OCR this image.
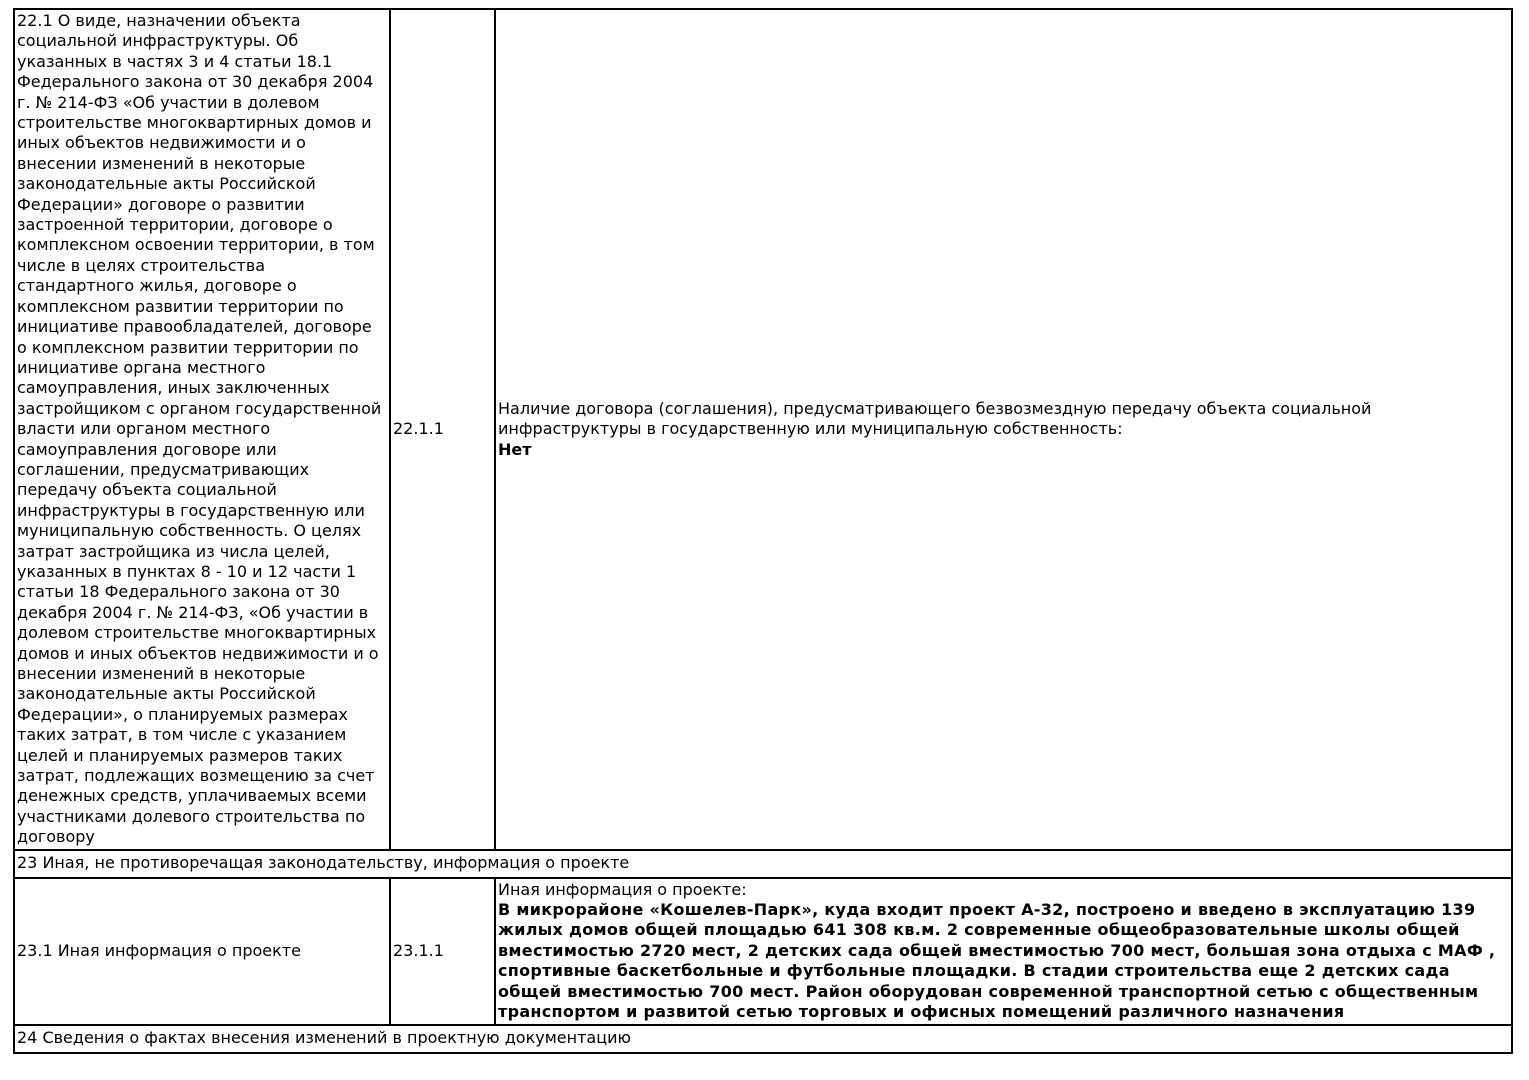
22.1 О виде, назначении объекта социальной инфраструктуры. Об указанных в частях 3 и 4 статьи 18.1 Федерального закона от 30 декабря 2004 г. № 214-ФЗ «Об участии в долевом строительстве многоквартирных домов и иных объектов недвижимости и о внесении изменений в некоторые законодательные акты Российской Федерации» договоре о развитии застроенной территории, договоре о комплексном освоении территории, в том числе в целях строительства стандартного жилья, договоре о комплексном развитии территории по инициативе правообладателей, договоре о комплексном развитии территории по инициативе органа местного самоуправления, иных заключенных застройщиком с органом государственной власти или органом местного самоуправления договоре или соглашении, предусматривающих передачу объекта социальной инфраструктуры в государственную или муниципальную собственность. О целях затрат застройщика из числа целей, указанных в пунктах 8 - 10 и 12 части 1 статьи 18 Федерального закона от 30 декабря 2004 г. № 214-ФЗ, «Об участии в долевом строительстве многоквартирных домов и иных объектов недвижимости и о внесении изменений в некоторые законодательные акты Российской Федерации», о планируемых размерах таких затрат, в том числе с указанием целей и планируемых размеров таких затрат, подлежащих возмещению за счет денежных средств, уплачиваемых всеми участниками долевого строительства по договору	22.1.1	Наличие договора (соглашения), предусматривающего безвозмездную передачу объекта социальной инфраструктуры в государственную или муниципальную собственность:
Нет

23 Иная, не противоречащая законодательству, информация о проекте		
23.1 Иная информация о проекте	23.1.1	Иная информация о проекте:
В микрорайоне «Кошелев-Парк», куда входит проект А-32, построено и введено в эксплуатацию 139 жилых домов общей площадью 641 308 кв.м. 2 современные общеобразовательные школы общей вместимостью 2720 мест, 2 детских сада общей вместимостью 700 мест, большая зона отдыха с МАФ , спортивные баскетбольные и футбольные площадки. В стадии строительства еще 2 детских сада общей вместимостью 700 мест. Район оборудован современной транспортной сетью с общественным транспортом и развитой сетью торговых и офисных помещений различного назначения

24 Сведения о фактах внесения изменений в проектную документацию		
